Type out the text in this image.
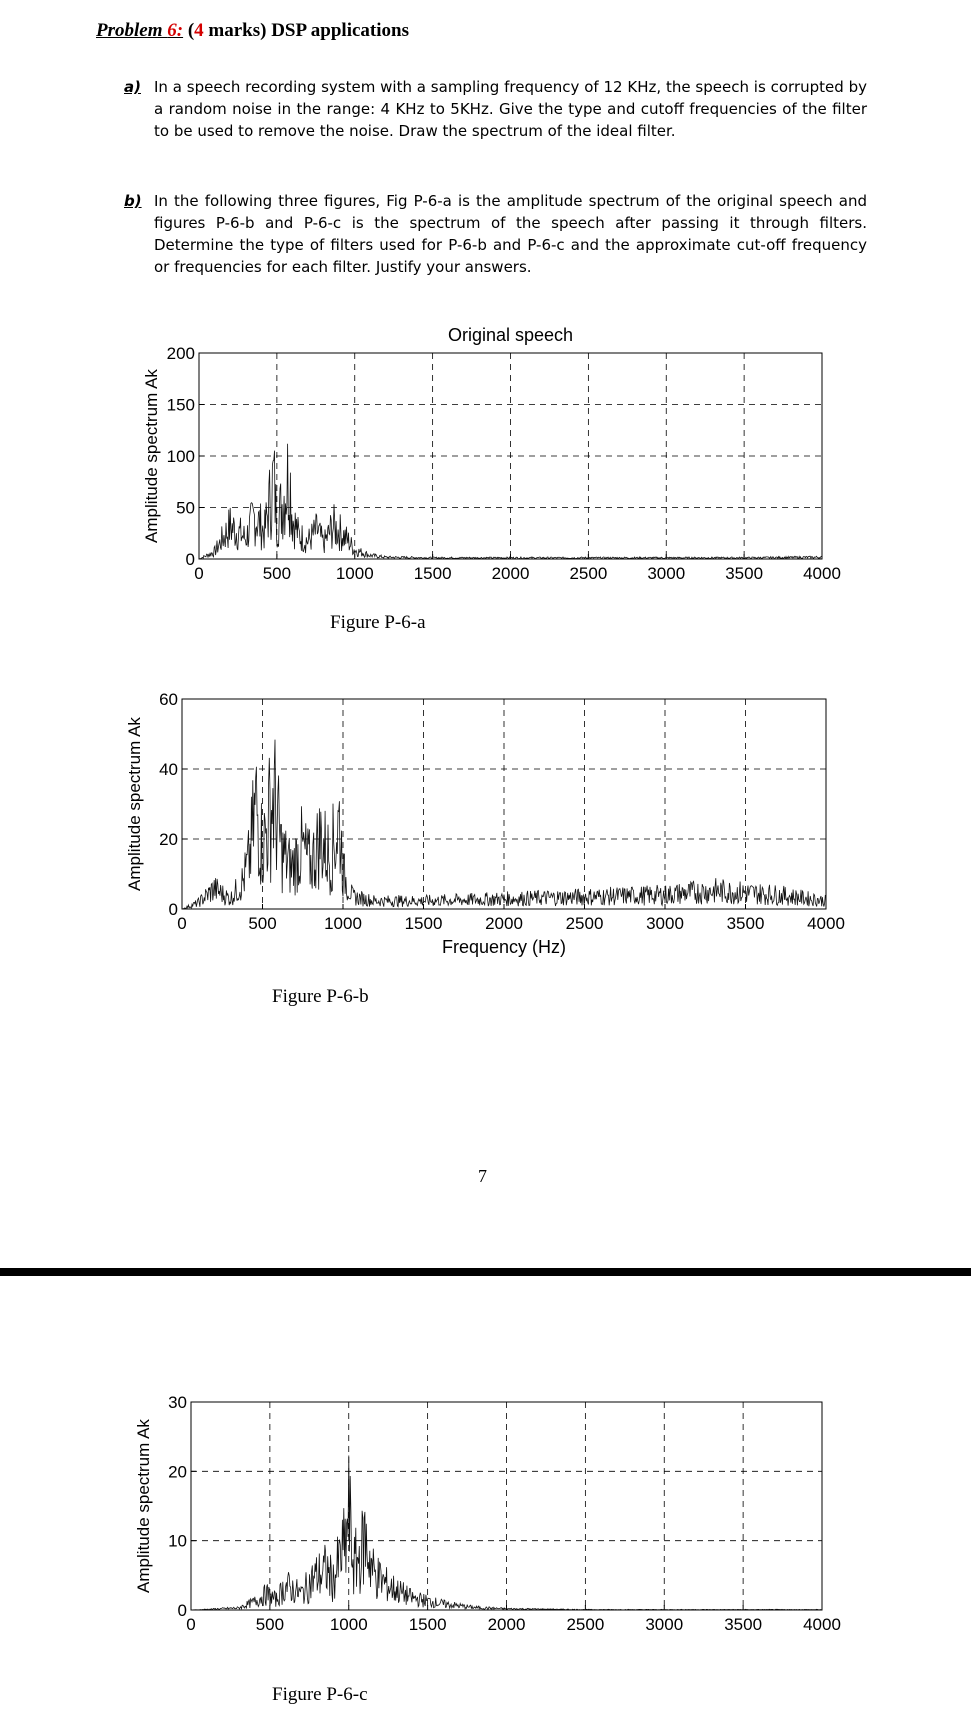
Problem 6: (4 marks) DSP applications
a) In a speech recording system with a sampling frequency of 12 KHz, the speech is corrupted by a random noise in the range: 4 KHz to 5KHz. Give the type and cutoff frequencies of the filter to be used to remove the noise. Draw the spectrum of the ideal filter.
b) In the following three figures, Fig P-6-a is the amplitude spectrum of the original speech and figures P-6-b and P-6-c is the spectrum of the speech after passing it through filters. Determine the type of filters used for P-6-b and P-6-c and the approximate cut-off frequency or frequencies for each filter. Justify your answers.
Figure P-6-a
Figure P-6-b
7
Figure P-6-c
0	500	1000 1500 2000 2500 3000 3500 4000
0
50
100
150
200
Amplitude spectrum Ak
Original speech
0	500	1000	1500	2000	2500	3000	3500	4000
0
20
40
60
Amplitude spectrum Ak
Frequency (Hz)
0	500	1000 1500 2000 2500 3000 3500 4000
0
10
20
30
Amplitude spectrum Ak
